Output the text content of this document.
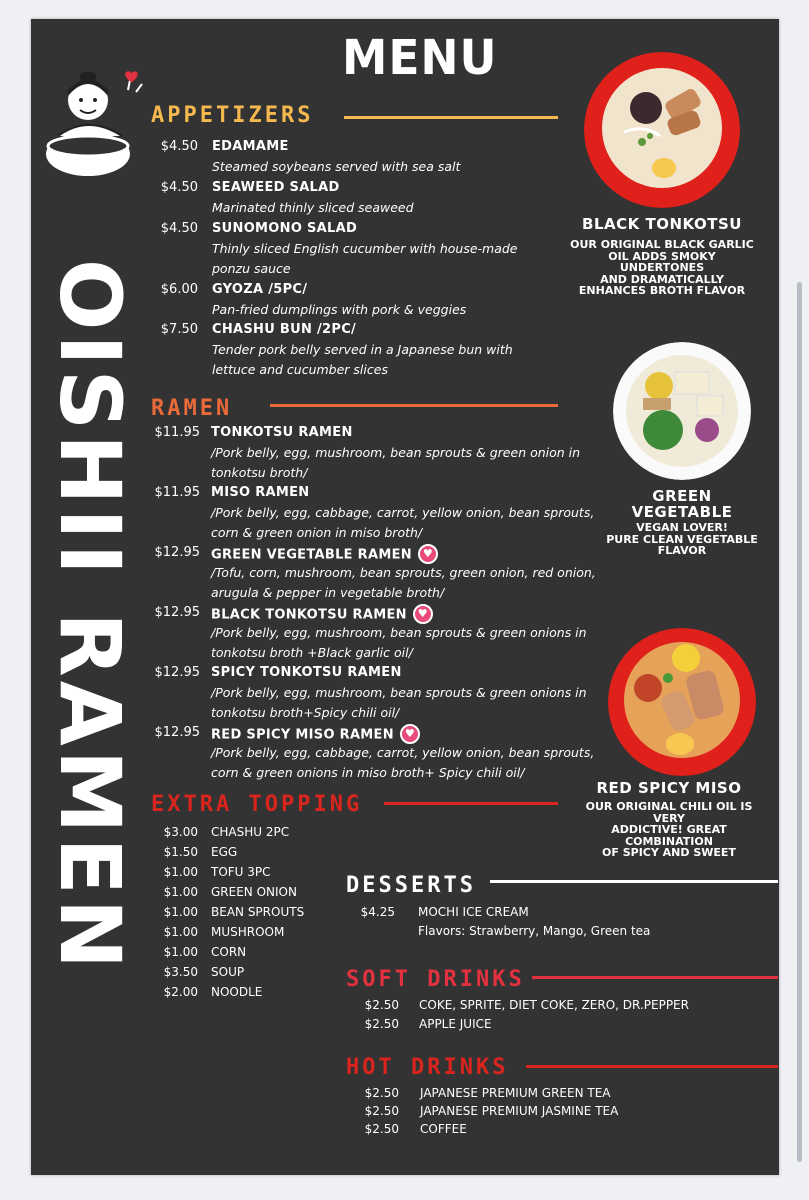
MENU
OISHII RAMEN
APPETIZERS
$4.50 EDAMAME
Steamed soybeans served with sea salt
$4.50 SEAWEED SALAD
Marinated thinly sliced seaweed
$4.50 SUNOMONO SALAD
Thinly sliced English cucumber with house-made
ponzu sauce
$6.00 GYOZA /5PC/
Pan-fried dumplings with pork & veggies
$7.50 CHASHU BUN /2PC/
Tender pork belly served in a Japanese bun with
lettuce and cucumber slices
RAMEN
$11.95 TONKOTSU RAMEN
/Pork belly, egg, mushroom, bean sprouts & green onion in
tonkotsu broth/
$11.95 MISO RAMEN
/Pork belly, egg, cabbage, carrot, yellow onion, bean sprouts,
corn & green onion in miso broth/
$12.95 GREEN VEGETABLE RAMEN ♥
/Tofu, corn, mushroom, bean sprouts, green onion, red onion,
arugula & pepper in vegetable broth/
$12.95 BLACK TONKOTSU RAMEN ♥
/Pork belly, egg, mushroom, bean sprouts & green onions in
tonkotsu broth +Black garlic oil/
$12.95 SPICY TONKOTSU RAMEN
/Pork belly, egg, mushroom, bean sprouts & green onions in
tonkotsu broth+Spicy chili oil/
$12.95 RED SPICY MISO RAMEN ♥
/Pork belly, egg, cabbage, carrot, yellow onion, bean sprouts,
corn & green onions in miso broth+ Spicy chili oil/
EXTRA TOPPING
$3.00 CHASHU 2PC
$1.50 EGG
$1.00 TOFU 3PC
$1.00 GREEN ONION
$1.00 BEAN SPROUTS
$1.00 MUSHROOM
$1.00 CORN
$3.50 SOUP
$2.00 NOODLE
DESSERTS
$4.25 MOCHI ICE CREAM
Flavors: Strawberry, Mango, Green tea
SOFT DRINKS
$2.50 COKE, SPRITE, DIET COKE, ZERO, DR.PEPPER
$2.50 APPLE JUICE
HOT DRINKS
$2.50 JAPANESE PREMIUM GREEN TEA
$2.50 JAPANESE PREMIUM JASMINE TEA
$2.50 COFFEE
BLACK TONKOTSU
OUR ORIGINAL BLACK GARLIC
OIL ADDS SMOKY UNDERTONES
AND DRAMATICALLY
ENHANCES BROTH FLAVOR
GREEN
VEGETABLE
VEGAN LOVER!
PURE CLEAN VEGETABLE
FLAVOR
RED SPICY MISO
OUR ORIGINAL CHILI OIL IS VERY
ADDICTIVE! GREAT COMBINATION
OF SPICY AND SWEET
